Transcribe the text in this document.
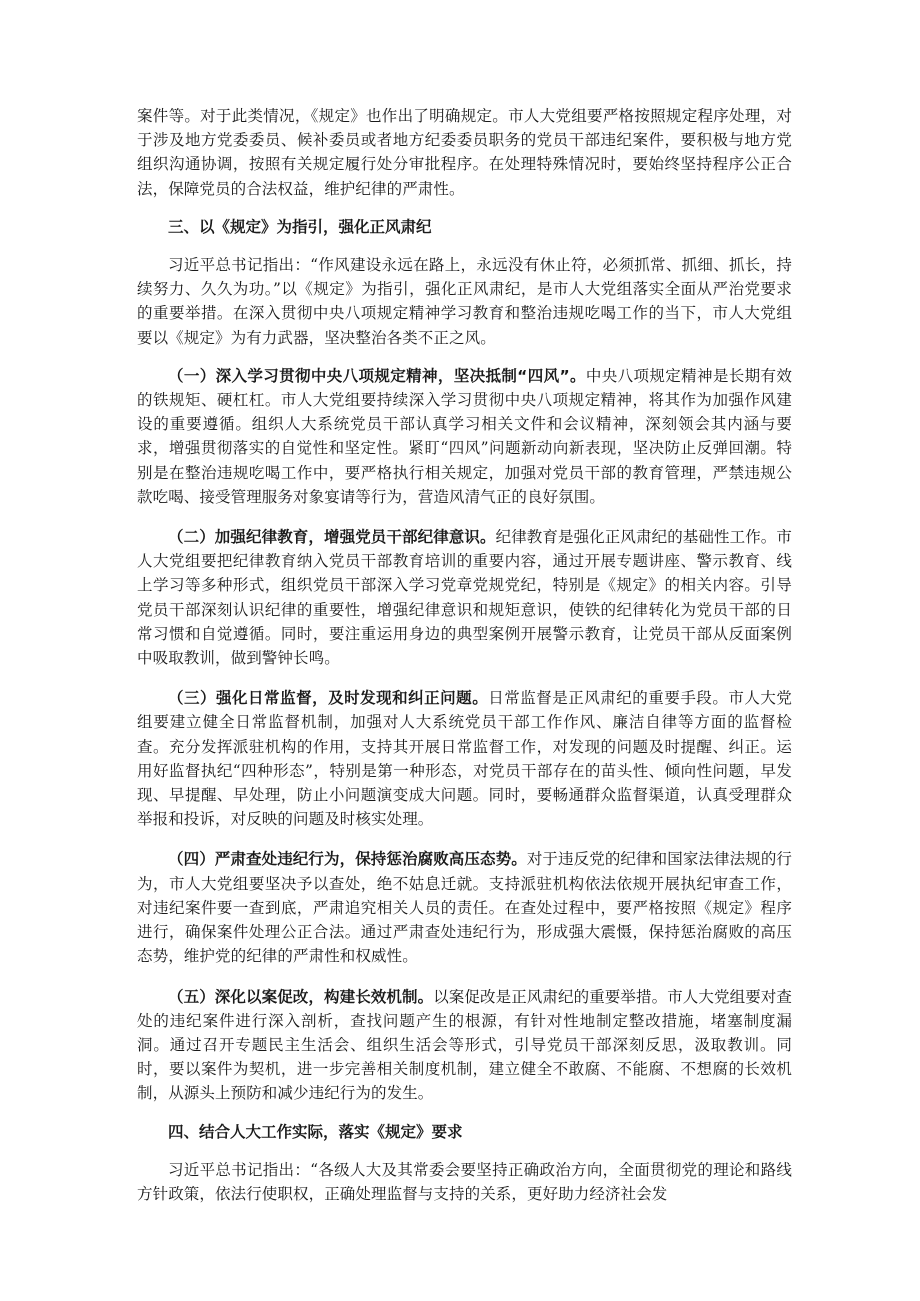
案件等。对于此类情况，《规定》也作出了明确规定。市人大党组要严格按照规定程序处理，对于涉及地方党委委员、候补委员或者地方纪委委员职务的党员干部违纪案件，要积极与地方党组织沟通协调，按照有关规定履行处分审批程序。在处理特殊情况时，要始终坚持程序公正合法，保障党员的合法权益，维护纪律的严肃性。

三、以《规定》为指引，强化正风肃纪

习近平总书记指出：“作风建设永远在路上，永远没有休止符，必须抓常、抓细、抓长，持续努力、久久为功。”以《规定》为指引，强化正风肃纪，是市人大党组落实全面从严治党要求的重要举措。在深入贯彻中央八项规定精神学习教育和整治违规吃喝工作的当下，市人大党组要以《规定》为有力武器，坚决整治各类不正之风。

（一）深入学习贯彻中央八项规定精神，坚决抵制“四风”。中央八项规定精神是长期有效的铁规矩、硬杠杠。市人大党组要持续深入学习贯彻中央八项规定精神，将其作为加强作风建设的重要遵循。组织人大系统党员干部认真学习相关文件和会议精神，深刻领会其内涵与要求，增强贯彻落实的自觉性和坚定性。紧盯“四风”问题新动向新表现，坚决防止反弹回潮。特别是在整治违规吃喝工作中，要严格执行相关规定，加强对党员干部的教育管理，严禁违规公款吃喝、接受管理服务对象宴请等行为，营造风清气正的良好氛围。

（二）加强纪律教育，增强党员干部纪律意识。纪律教育是强化正风肃纪的基础性工作。市人大党组要把纪律教育纳入党员干部教育培训的重要内容，通过开展专题讲座、警示教育、线上学习等多种形式，组织党员干部深入学习党章党规党纪，特别是《规定》的相关内容。引导党员干部深刻认识纪律的重要性，增强纪律意识和规矩意识，使铁的纪律转化为党员干部的日常习惯和自觉遵循。同时，要注重运用身边的典型案例开展警示教育，让党员干部从反面案例中吸取教训，做到警钟长鸣。

（三）强化日常监督，及时发现和纠正问题。日常监督是正风肃纪的重要手段。市人大党组要建立健全日常监督机制，加强对人大系统党员干部工作作风、廉洁自律等方面的监督检查。充分发挥派驻机构的作用，支持其开展日常监督工作，对发现的问题及时提醒、纠正。运用好监督执纪“四种形态”，特别是第一种形态，对党员干部存在的苗头性、倾向性问题，早发现、早提醒、早处理，防止小问题演变成大问题。同时，要畅通群众监督渠道，认真受理群众举报和投诉，对反映的问题及时核实处理。

（四）严肃查处违纪行为，保持惩治腐败高压态势。对于违反党的纪律和国家法律法规的行为，市人大党组要坚决予以查处，绝不姑息迁就。支持派驻机构依法依规开展执纪审查工作，对违纪案件要一查到底，严肃追究相关人员的责任。在查处过程中，要严格按照《规定》程序进行，确保案件处理公正合法。通过严肃查处违纪行为，形成强大震慑，保持惩治腐败的高压态势，维护党的纪律的严肃性和权威性。

（五）深化以案促改，构建长效机制。以案促改是正风肃纪的重要举措。市人大党组要对查处的违纪案件进行深入剖析，查找问题产生的根源，有针对性地制定整改措施，堵塞制度漏洞。通过召开专题民主生活会、组织生活会等形式，引导党员干部深刻反思，汲取教训。同时，要以案件为契机，进一步完善相关制度机制，建立健全不敢腐、不能腐、不想腐的长效机制，从源头上预防和减少违纪行为的发生。

四、结合人大工作实际，落实《规定》要求

习近平总书记指出：“各级人大及其常委会要坚持正确政治方向，全面贯彻党的理论和路线方针政策，依法行使职权，正确处理监督与支持的关系，更好助力经济社会发
